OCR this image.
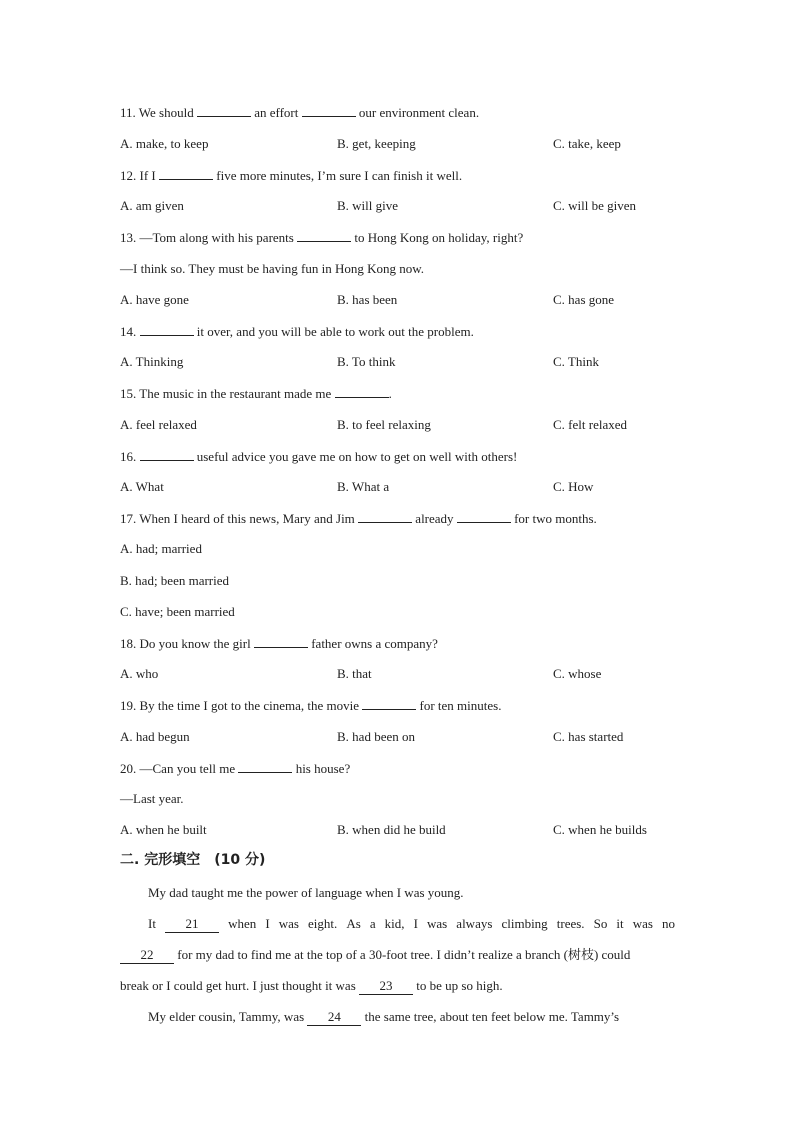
11. We should	an effort	our environment clean.
A. make, to keep	B. get, keeping	C. take, keep
12. If I	five more minutes, I’m sure I can finish it well.
A. am given	B. will give	C. will be given
13. —Tom along with his parents	to Hong Kong on holiday, right?
—I think so. They must be having fun in Hong Kong now.
A. have gone	B. has been	C. has gone
14.	it over, and you will be able to work out the problem.
A. Thinking	B. To think	C. Think
15. The music in the restaurant made me	.
A. feel relaxed	B. to feel relaxing	C. felt relaxed
16.	useful advice you gave me on how to get on well with others!
A. What	B. What a	C. How
17. When I heard of this news, Mary and Jim	already	for two months.
A. had; married
B. had; been married
C. have; been married
18. Do you know the girl	father owns a company?
A. who	B. that	C. whose
19. By the time I got to the cinema, the movie	for ten minutes.
A. had begun	B. had been on	C. has started
20. —Can you tell me	his house?
—Last year.
A. when he built	B. when did he build	C. when he builds
二. 完形填空　(10 分)
My dad taught me the power of language when I was young.
It	21	when I was eight. As a kid, I was always climbing trees. So it was no
22 for my dad to find me at the top of a 30-foot tree. I didn’t realize a branch (树枝) could
break or I could get hurt. I just thought it was 23 to be up so high.
My elder cousin, Tammy, was 24 the same tree, about ten feet below me. Tammy’s
